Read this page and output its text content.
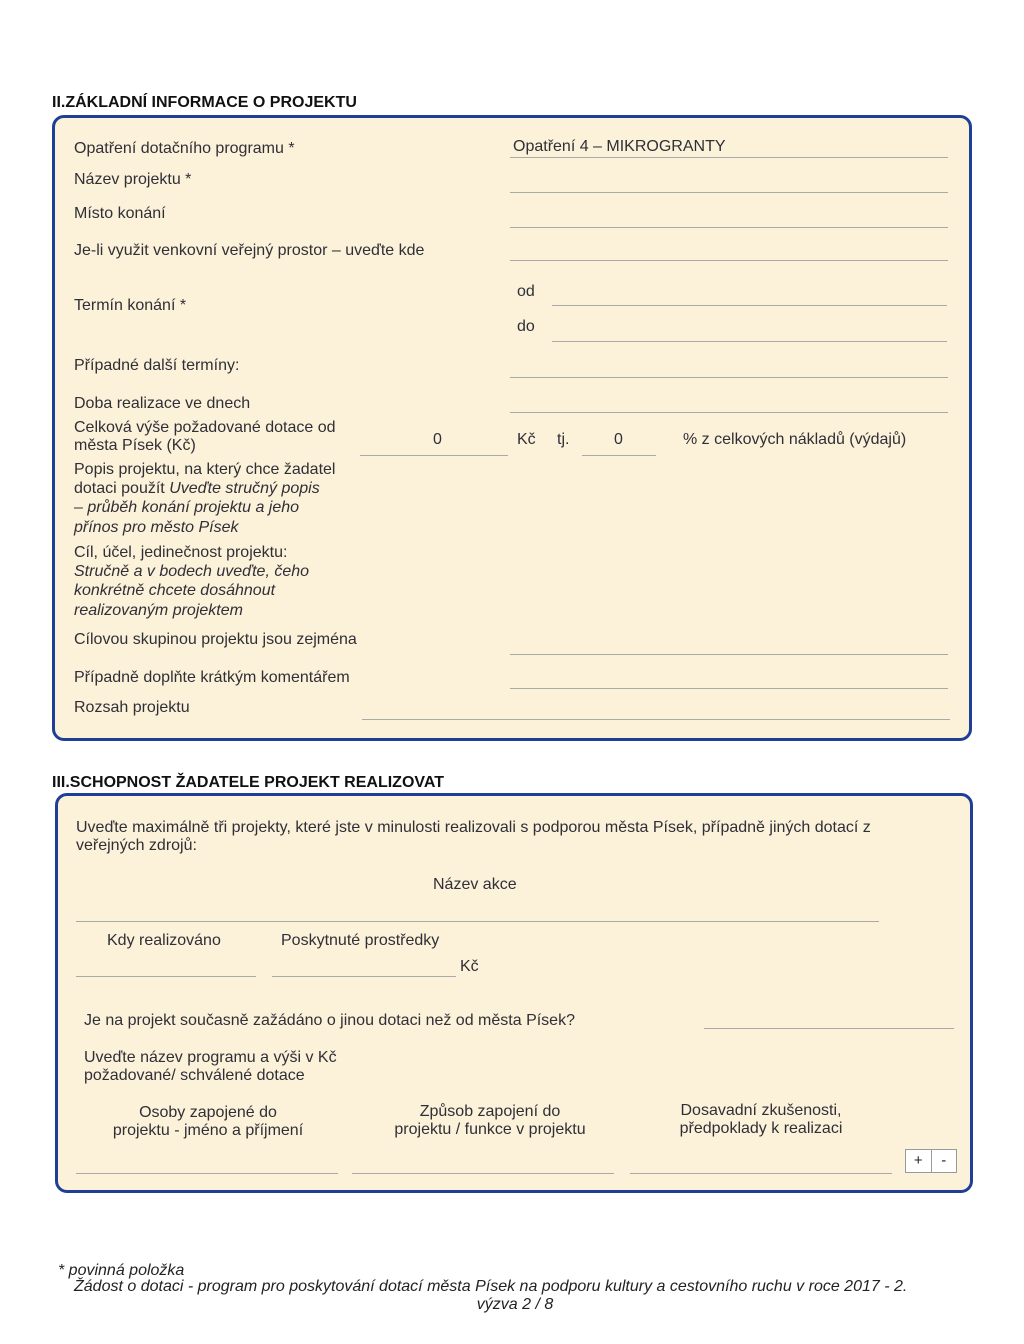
II.ZÁKLADNÍ INFORMACE O PROJEKTU
Opatření dotačního programu *	Opatření 4 – MIKROGRANTY
Název projektu *
Místo konání
Je-li využit venkovní veřejný prostor – uveďte kde
Termín konání *
od
do
Případné další termíny:
Doba realizace ve dnech
Celková výše požadované dotace od
města Písek (Kč)	0	Kč tj.	0	% z celkových nákladů (výdajů)
Popis projektu, na který chce žadatel
dotaci použít Uveďte stručný popis
– průběh konání projektu a jeho
přínos pro město Písek
Cíl, účel, jedinečnost projektu:
Stručně a v bodech uveďte, čeho
konkrétně chcete dosáhnout
realizovaným projektem
Cílovou skupinou projektu jsou zejména
Případně doplňte krátkým komentářem
Rozsah projektu
III.SCHOPNOST ŽADATELE PROJEKT REALIZOVAT
Uveďte maximálně tři projekty, které jste v minulosti realizovali s podporou města Písek, případně jiných dotací z
veřejných zdrojů:
Název akce
Kdy realizováno	Poskytnuté prostředky
Kč
Je na projekt současně zažádáno o jinou dotaci než od města Písek?
Uveďte název programu a výši v Kč
požadované/ schválené dotace
Osoby zapojené do
projektu - jméno a příjmení
Způsob zapojení do
projektu / funkce v projektu
Dosavadní zkušenosti,
předpoklady k realizaci
+	-
* povinná položka
Žádost o dotaci - program pro poskytování dotací města Písek na podporu kultury a cestovního ruchu v roce 2017 - 2.
výzva 2 / 8
